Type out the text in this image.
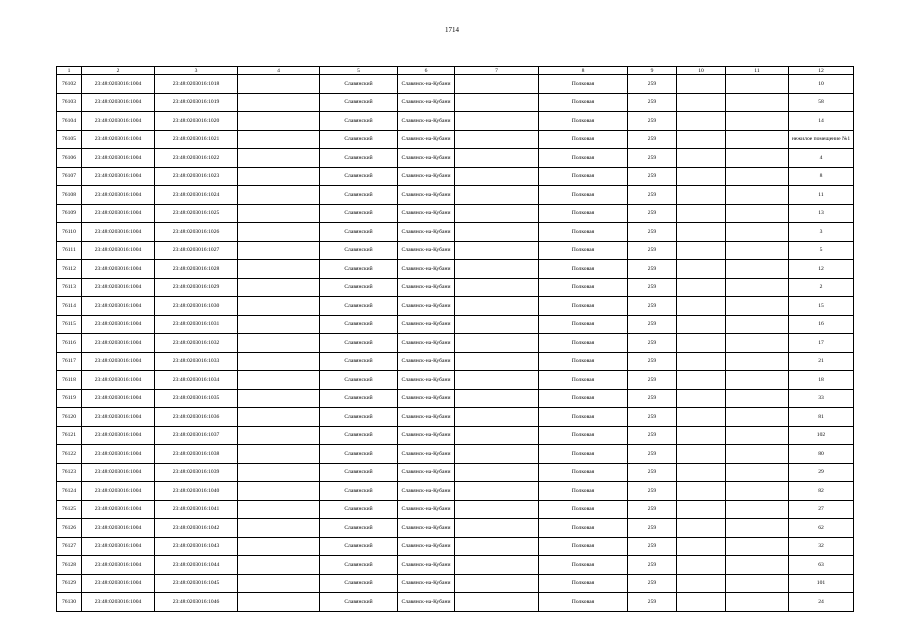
1714
1	2	3	4	5	6	7	8	9	10	11	12
76102	23:48:0203016:1004	23:48:0203016:1018		Славянский	Славянск-на-Кубани		Полковая	259			10
76103	23:48:0203016:1004	23:48:0203016:1019		Славянский	Славянск-на-Кубани		Полковая	259			58
76104	23:48:0203016:1004	23:48:0203016:1020		Славянский	Славянск-на-Кубани		Полковая	259			14
76105	23:48:0203016:1004	23:48:0203016:1021		Славянский	Славянск-на-Кубани		Полковая	259			нежилое помещение №1
76106	23:48:0203016:1004	23:48:0203016:1022		Славянский	Славянск-на-Кубани		Полковая	259			4
76107	23:48:0203016:1004	23:48:0203016:1023		Славянский	Славянск-на-Кубани		Полковая	259			8
76108	23:48:0203016:1004	23:48:0203016:1024		Славянский	Славянск-на-Кубани		Полковая	259			11
76109	23:48:0203016:1004	23:48:0203016:1025		Славянский	Славянск-на-Кубани		Полковая	259			13
76110	23:48:0203016:1004	23:48:0203016:1026		Славянский	Славянск-на-Кубани		Полковая	259			3
76111	23:48:0203016:1004	23:48:0203016:1027		Славянский	Славянск-на-Кубани		Полковая	259			5
76112	23:48:0203016:1004	23:48:0203016:1028		Славянский	Славянск-на-Кубани		Полковая	259			12
76113	23:48:0203016:1004	23:48:0203016:1029		Славянский	Славянск-на-Кубани		Полковая	259			2
76114	23:48:0203016:1004	23:48:0203016:1030		Славянский	Славянск-на-Кубани		Полковая	259			15
76115	23:48:0203016:1004	23:48:0203016:1031		Славянский	Славянск-на-Кубани		Полковая	259			16
76116	23:48:0203016:1004	23:48:0203016:1032		Славянский	Славянск-на-Кубани		Полковая	259			17
76117	23:48:0203016:1004	23:48:0203016:1033		Славянский	Славянск-на-Кубани		Полковая	259			21
76118	23:48:0203016:1004	23:48:0203016:1034		Славянский	Славянск-на-Кубани		Полковая	259			18
76119	23:48:0203016:1004	23:48:0203016:1035		Славянский	Славянск-на-Кубани		Полковая	259			33
76120	23:48:0203016:1004	23:48:0203016:1036		Славянский	Славянск-на-Кубани		Полковая	259			81
76121	23:48:0203016:1004	23:48:0203016:1037		Славянский	Славянск-на-Кубани		Полковая	259			102
76122	23:48:0203016:1004	23:48:0203016:1038		Славянский	Славянск-на-Кубани		Полковая	259			80
76123	23:48:0203016:1004	23:48:0203016:1039		Славянский	Славянск-на-Кубани		Полковая	259			29
76124	23:48:0203016:1004	23:48:0203016:1040		Славянский	Славянск-на-Кубани		Полковая	259			82
76125	23:48:0203016:1004	23:48:0203016:1041		Славянский	Славянск-на-Кубани		Полковая	259			27
76126	23:48:0203016:1004	23:48:0203016:1042		Славянский	Славянск-на-Кубани		Полковая	259			62
76127	23:48:0203016:1004	23:48:0203016:1043		Славянский	Славянск-на-Кубани		Полковая	259			32
76128	23:48:0203016:1004	23:48:0203016:1044		Славянский	Славянск-на-Кубани		Полковая	259			63
76129	23:48:0203016:1004	23:48:0203016:1045		Славянский	Славянск-на-Кубани		Полковая	259			101
76130	23:48:0203016:1004	23:48:0203016:1046		Славянский	Славянск-на-Кубани		Полковая	259			24
